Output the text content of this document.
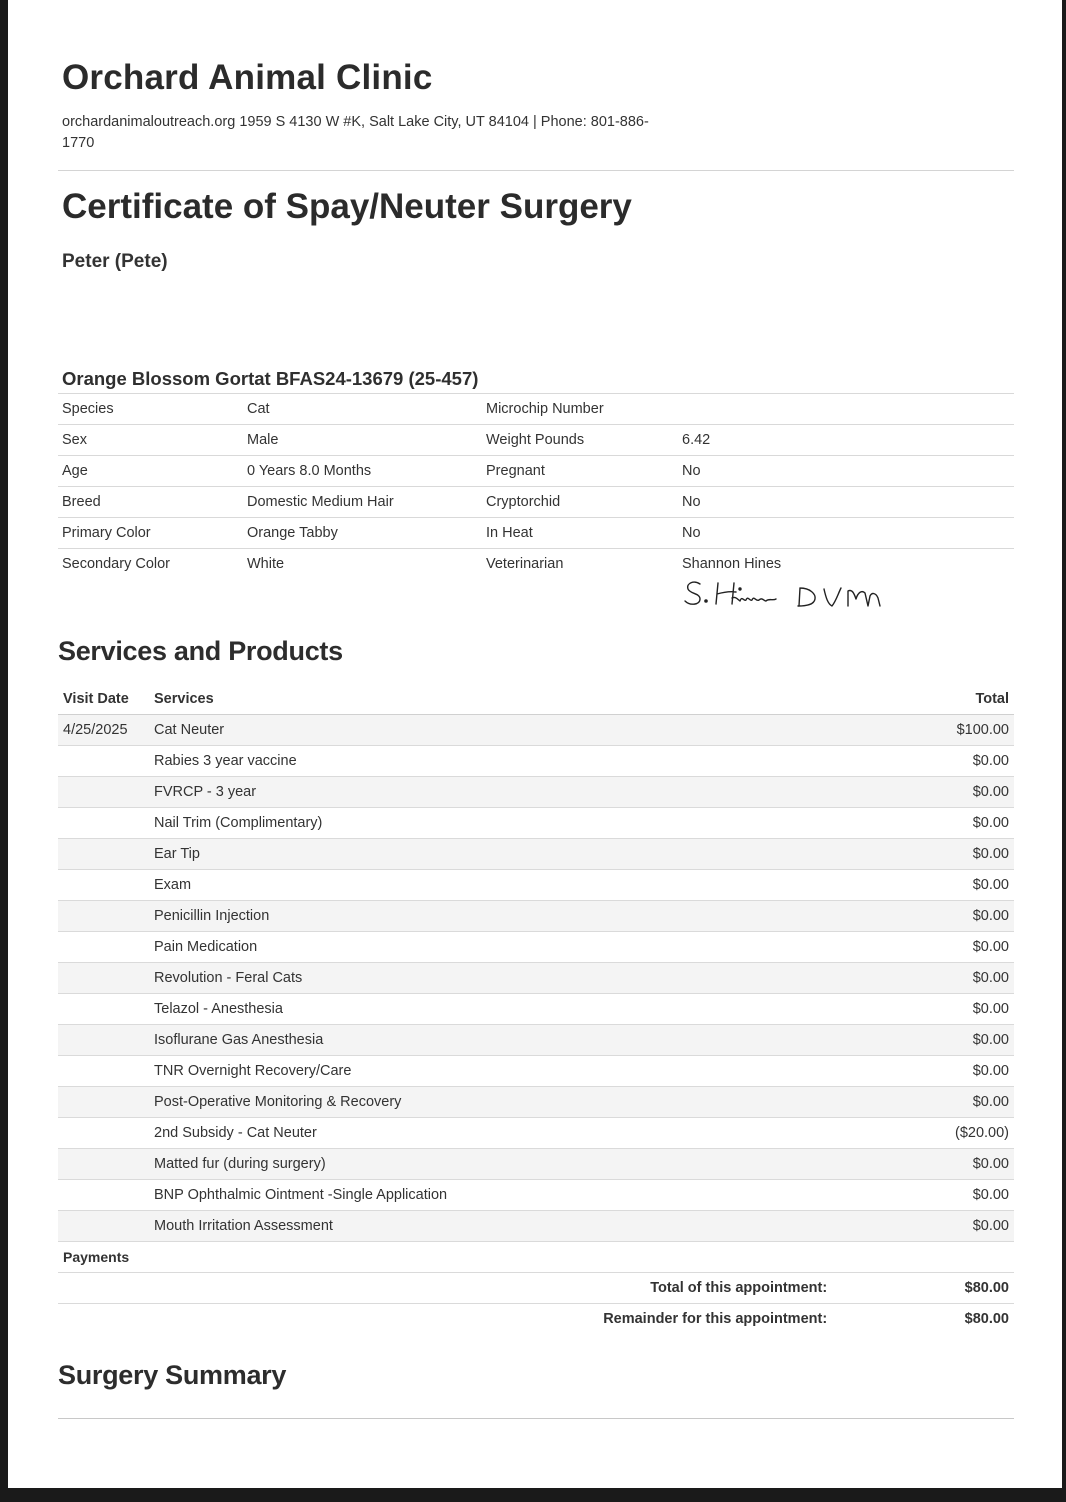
Orchard Animal Clinic
orchardanimaloutreach.org 1959 S 4130 W #K, Salt Lake City, UT 84104 | Phone: 801-886-1770
Certificate of Spay/Neuter Surgery
Peter (Pete)
Orange Blossom Gortat BFAS24-13679 (25-457)
Species	Cat	Microchip Number	
Sex	Male	Weight Pounds	6.42
Age	0 Years 8.0 Months	Pregnant	No
Breed	Domestic Medium Hair	Cryptorchid	No
Primary Color	Orange Tabby	In Heat	No
Secondary Color	White	Veterinarian	Shannon Hines
Services and Products
Visit Date	Services	Total
4/25/2025	Cat Neuter	$100.00
	Rabies 3 year vaccine	$0.00
	FVRCP - 3 year	$0.00
	Nail Trim (Complimentary)	$0.00
	Ear Tip	$0.00
	Exam	$0.00
	Penicillin Injection	$0.00
	Pain Medication	$0.00
	Revolution - Feral Cats	$0.00
	Telazol - Anesthesia	$0.00
	Isoflurane Gas Anesthesia	$0.00
	TNR Overnight Recovery/Care	$0.00
	Post-Operative Monitoring & Recovery	$0.00
	2nd Subsidy - Cat Neuter	($20.00)
	Matted fur (during surgery)	$0.00
	BNP Ophthalmic Ointment -Single Application	$0.00
	Mouth Irritation Assessment	$0.00
Payments		
Total of this appointment:		$80.00
Remainder for this appointment:		$80.00
Surgery Summary
